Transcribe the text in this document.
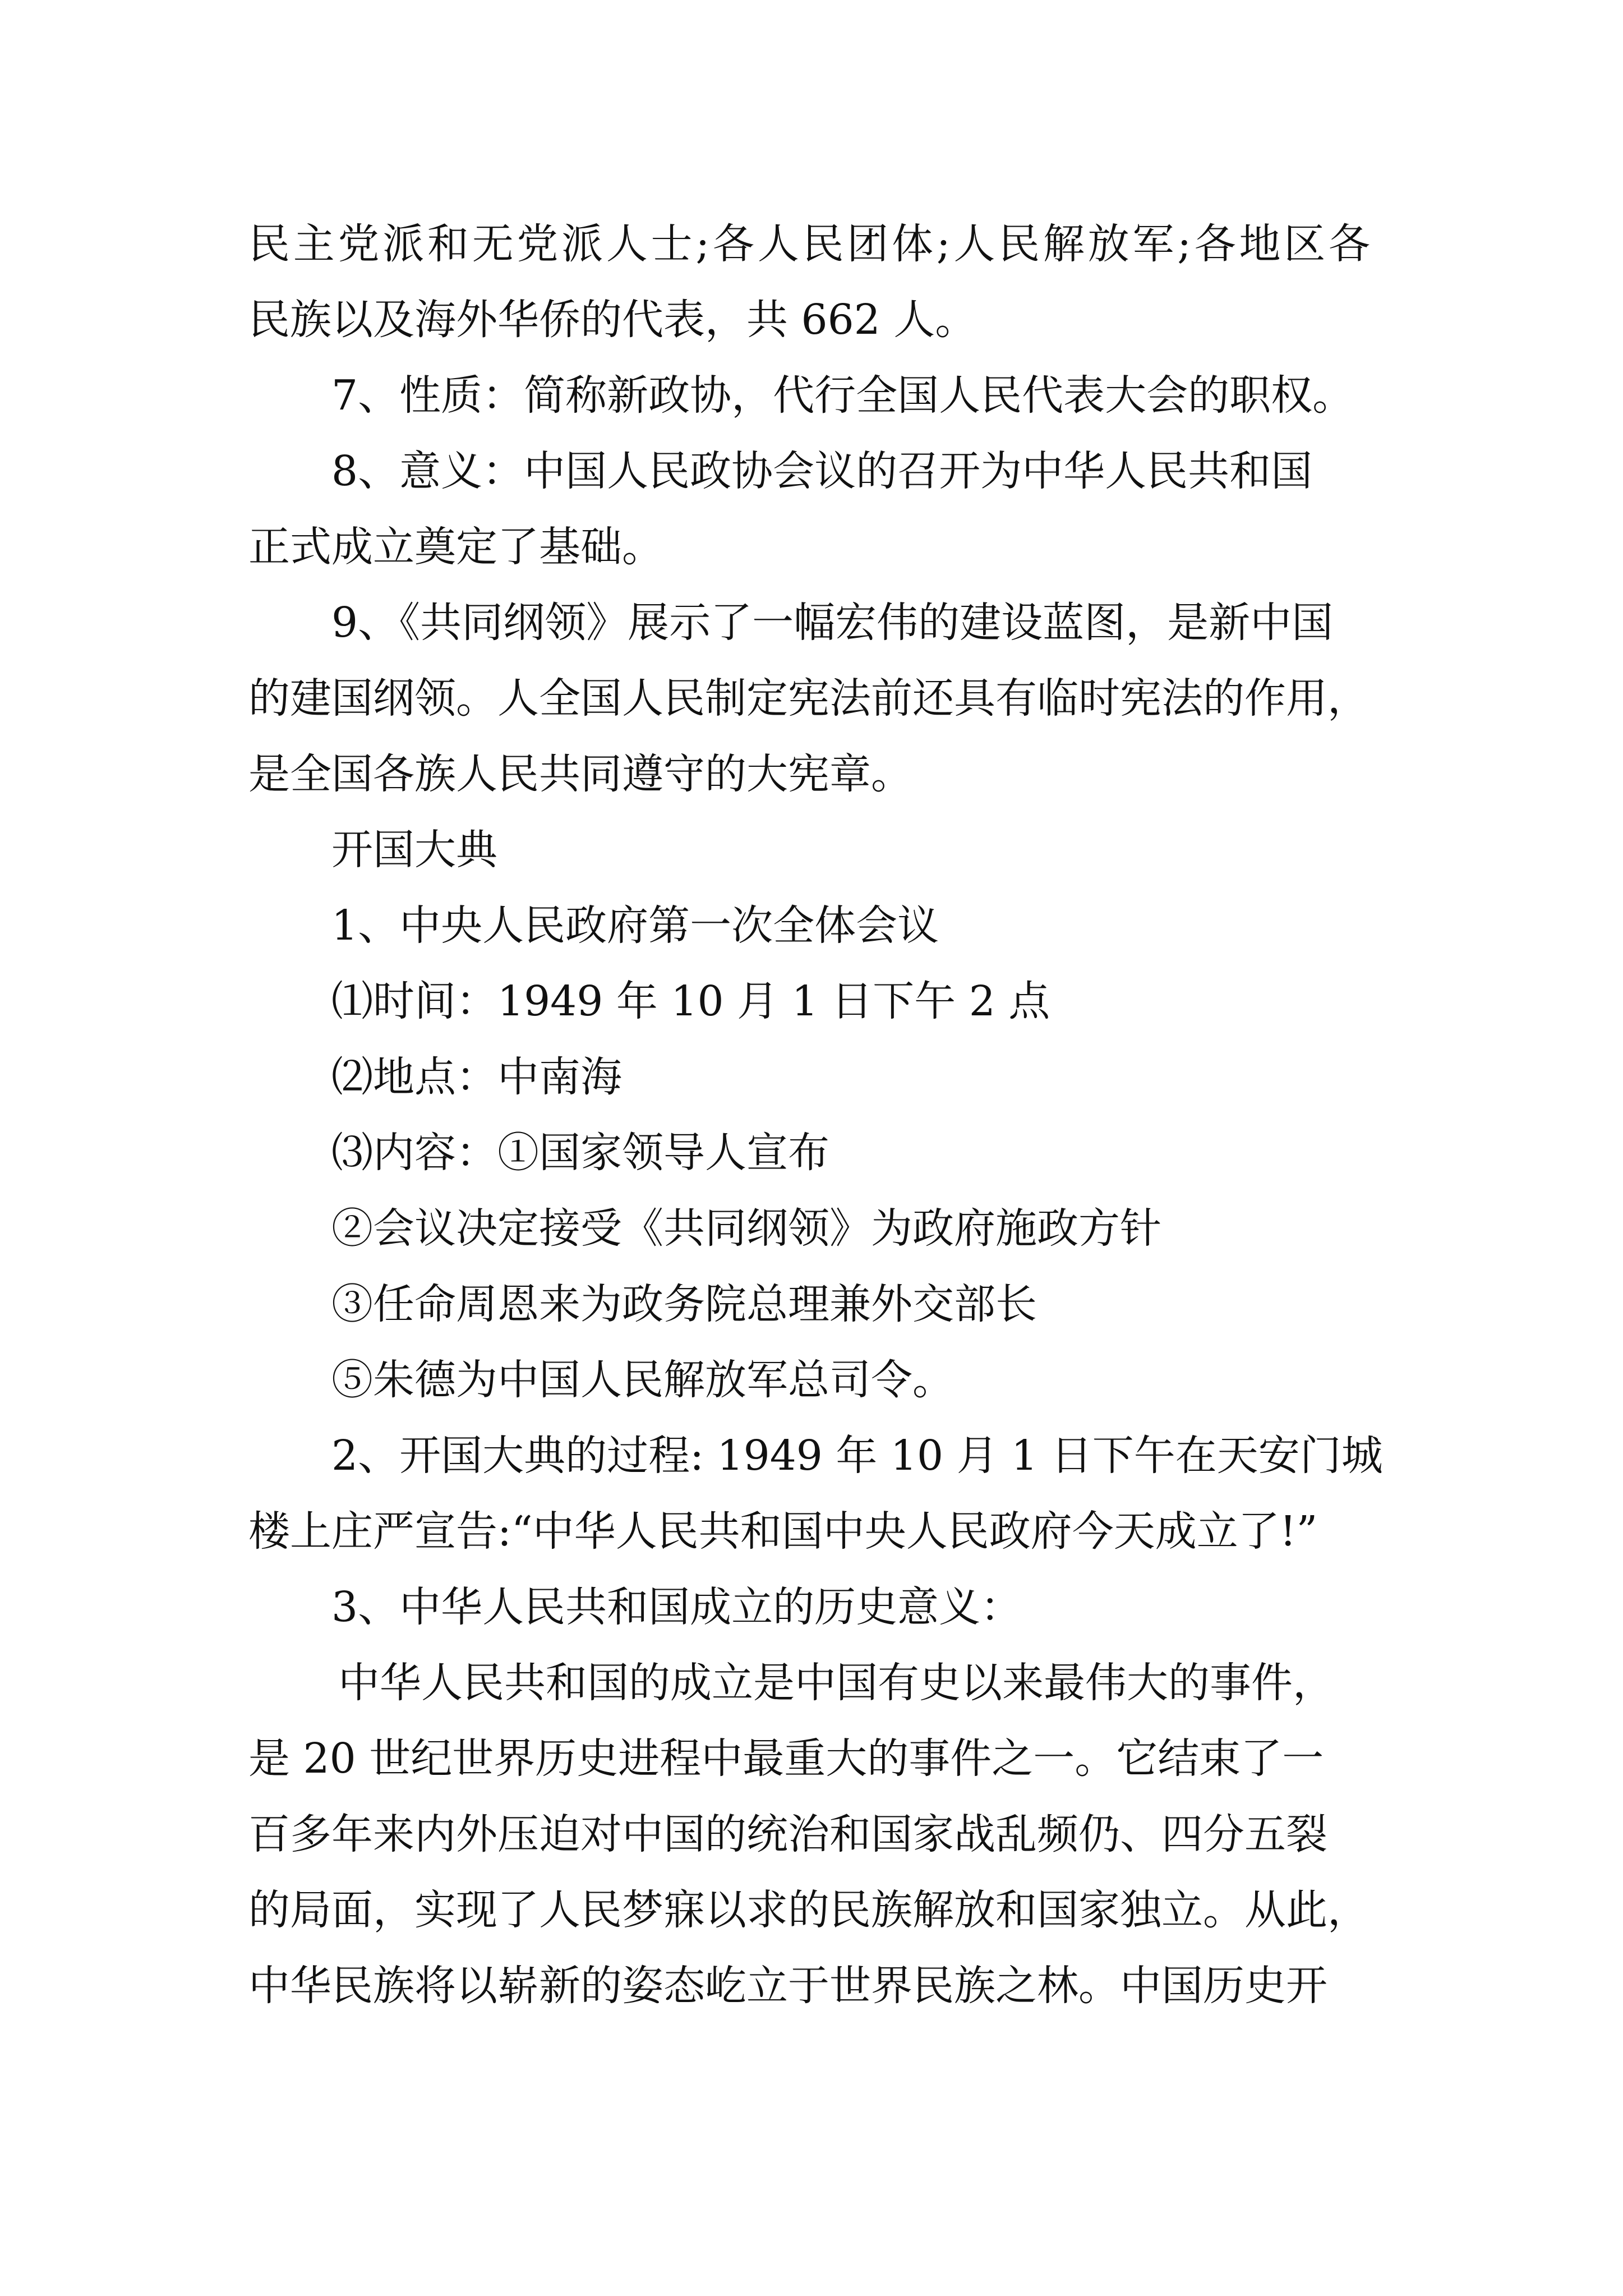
民主党派和无党派人士;各人民团体;人民解放军;各地区各
民族以及海外华侨的代表，共 662 人。
7、性质：简称新政协，代行全国人民代表大会的职权。
8、意义：中国人民政协会议的召开为中华人民共和国
正式成立奠定了基础。
9、《共同纲领》展示了一幅宏伟的建设蓝图，是新中国
的建国纲领。人全国人民制定宪法前还具有临时宪法的作用，
是全国各族人民共同遵守的大宪章。
开国大典
1、中央人民政府第一次全体会议
⑴时间：1949 年 10 月 1 日下午 2 点
⑵地点：中南海
⑶内容：①国家领导人宣布
②会议决定接受《共同纲领》为政府施政方针
③任命周恩来为政务院总理兼外交部长
⑤朱德为中国人民解放军总司令。
2、开国大典的过程: 1949 年 10 月 1 日下午在天安门城
楼上庄严宣告:“中华人民共和国中央人民政府今天成立了!”
3、中华人民共和国成立的历史意义：
中华人民共和国的成立是中国有史以来最伟大的事件，
是 20 世纪世界历史进程中最重大的事件之一。它结束了一
百多年来内外压迫对中国的统治和国家战乱频仍、四分五裂
的局面，实现了人民梦寐以求的民族解放和国家独立。从此，
中华民族将以崭新的姿态屹立于世界民族之林。中国历史开
